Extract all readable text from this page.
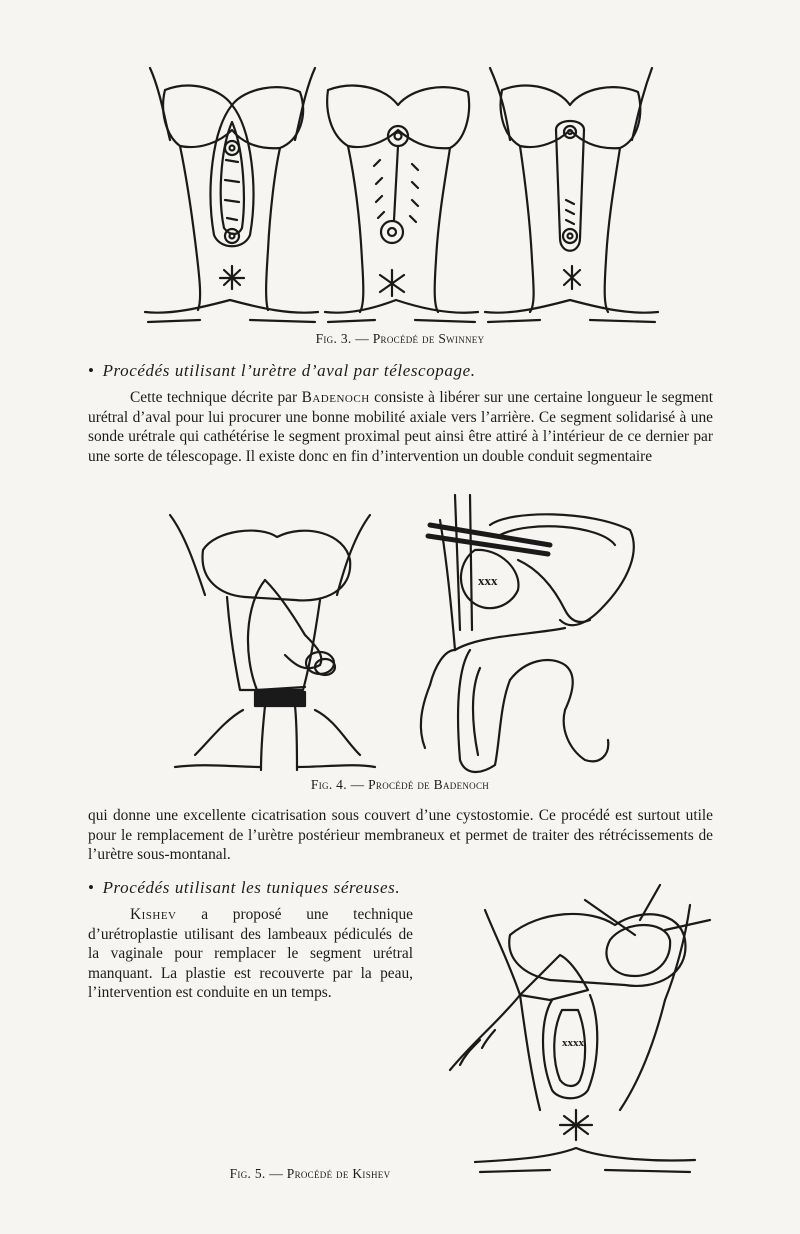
Fig. 3. — Procédé de Swinney
• Procédés utilisant l’urètre d’aval par télescopage.

Cette technique décrite par Badenoch consiste à libérer sur une certaine longueur le segment urétral d’aval pour lui procurer une bonne mobilité axiale vers l’arrière. Ce segment solidarisé à une sonde urétrale qui cathétérise le segment proximal peut ainsi être attiré à l’intérieur de ce dernier par une sorte de télescopage. Il existe donc en fin d’intervention un double conduit segmentaire

xxx
Fig. 4. — Procédé de Badenoch

qui donne une excellente cicatrisation sous couvert d’une cystostomie. Ce procédé est surtout utile pour le remplacement de l’urètre postérieur membraneux et permet de traiter des rétrécissements de l’urètre sous-montanal.

• Procédés utilisant les tuniques séreuses.

Kishev a proposé une technique d’urétroplastie utilisant des lambeaux pédiculés de la vaginale pour remplacer le segment urétral manquant. La plastie est recouverte par la peau, l’intervention est conduite en un temps.

xxxx
Fig. 5. — Procédé de Kishev
